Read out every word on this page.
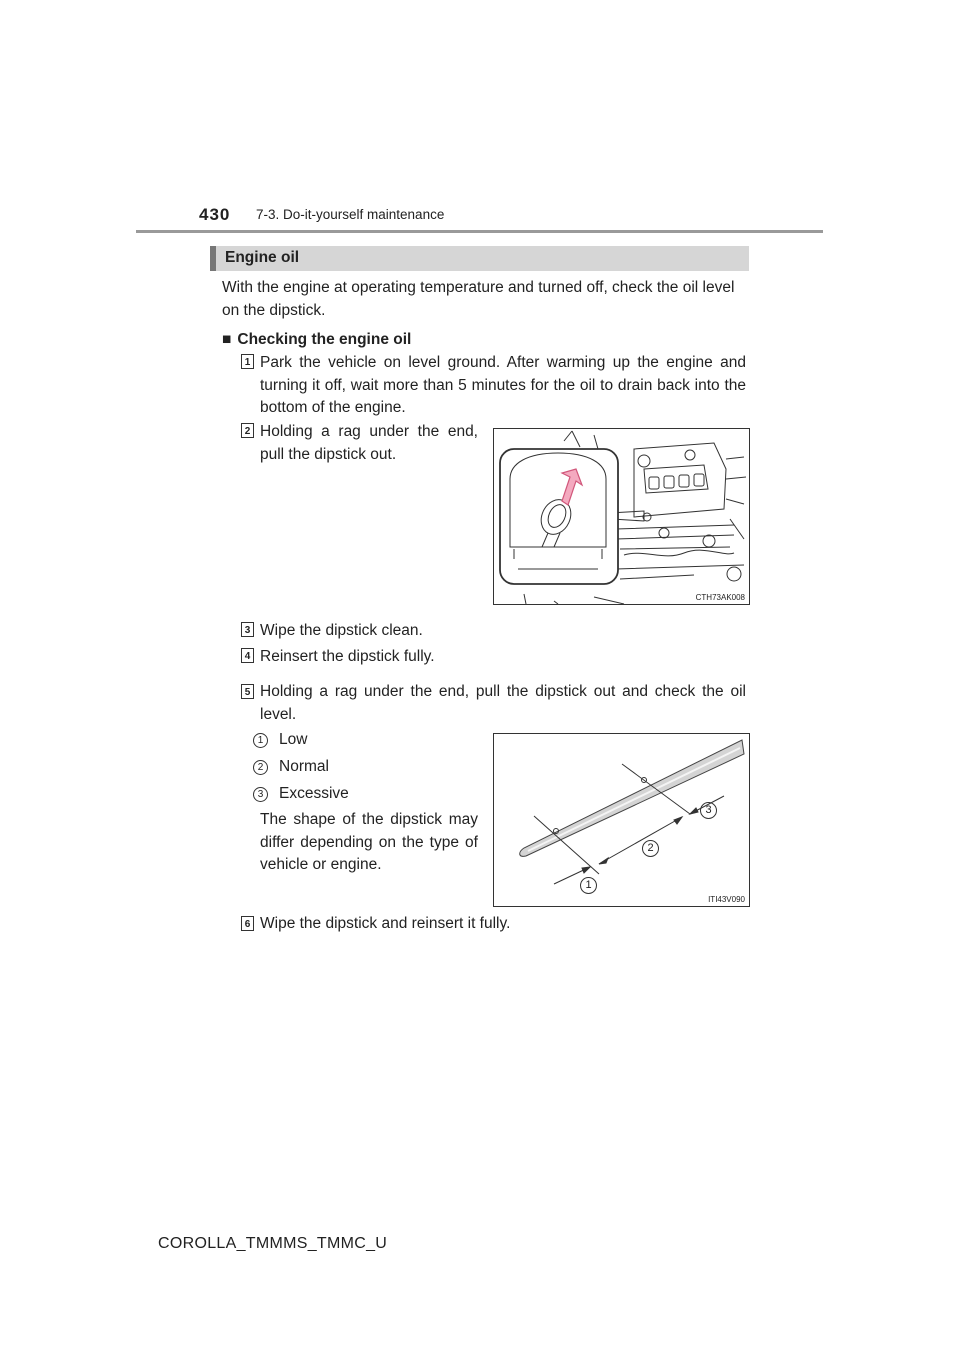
430 7-3. Do-it-yourself maintenance
Engine oil
With the engine at operating temperature and turned off, check the oil level on the dipstick.
■ Checking the engine oil
1 Park the vehicle on level ground. After warming up the engine and turning it off, wait more than 5 minutes for the oil to drain back into the bottom of the engine.
2 Holding a rag under the end, pull the dipstick out.
CTH73AK008
3 Wipe the dipstick clean.
4 Reinsert the dipstick fully.
5 Holding a rag under the end, pull the dipstick out and check the oil level.
1	Low
2	Normal
3	Excessive
The shape of the dipstick may differ depending on the type of vehicle or engine.
1
2
3
ITI43V090
6 Wipe the dipstick and reinsert it fully.
COROLLA_TMMMS_TMMC_U
